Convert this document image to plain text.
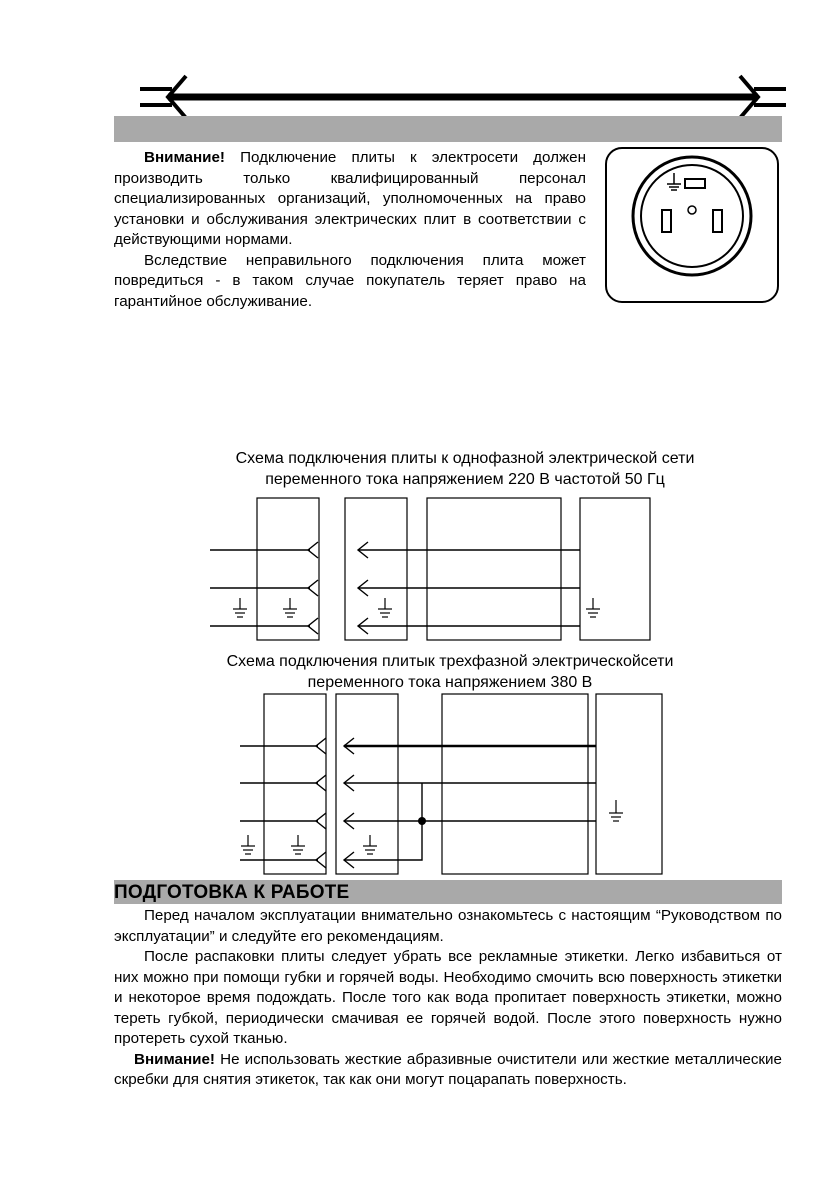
Внимание! Подключение плиты к электросети должен производить только квалифицированный персонал специализированных организаций, уполномоченных на право установки и обслуживания электрических плит в соответствии с действующими нормами.

Вследствие неправильного подключения плита может повредиться - в таком случае покупатель теряет право на гарантийное обслуживание.

Схема подключения плиты к однофазной электрической сети
переменного тока напряжением 220 В частотой 50 Гц
Схема подключения плитык трехфазной электрическойсети
переменного тока напряжением 380 В
ПОДГОТОВКА К РАБОТЕ

Перед началом эксплуатации внимательно ознакомьтесь с настоящим “Руководством по эксплуатации” и следуйте его рекомендациям.

После распаковки плиты следует убрать все рекламные этикетки. Легко избавиться от них можно при помощи губки и горячей воды. Необходимо смочить всю поверхность этикетки и некоторое время подождать. После того как вода пропитает поверхность этикетки, можно тереть губкой, периодически смачивая ее горячей водой. После этого поверхность нужно протереть сухой тканью.

Внимание! Не использовать жесткие абразивные очистители или жесткие металлические скребки для снятия этикеток, так как они могут поцарапать поверхность.
